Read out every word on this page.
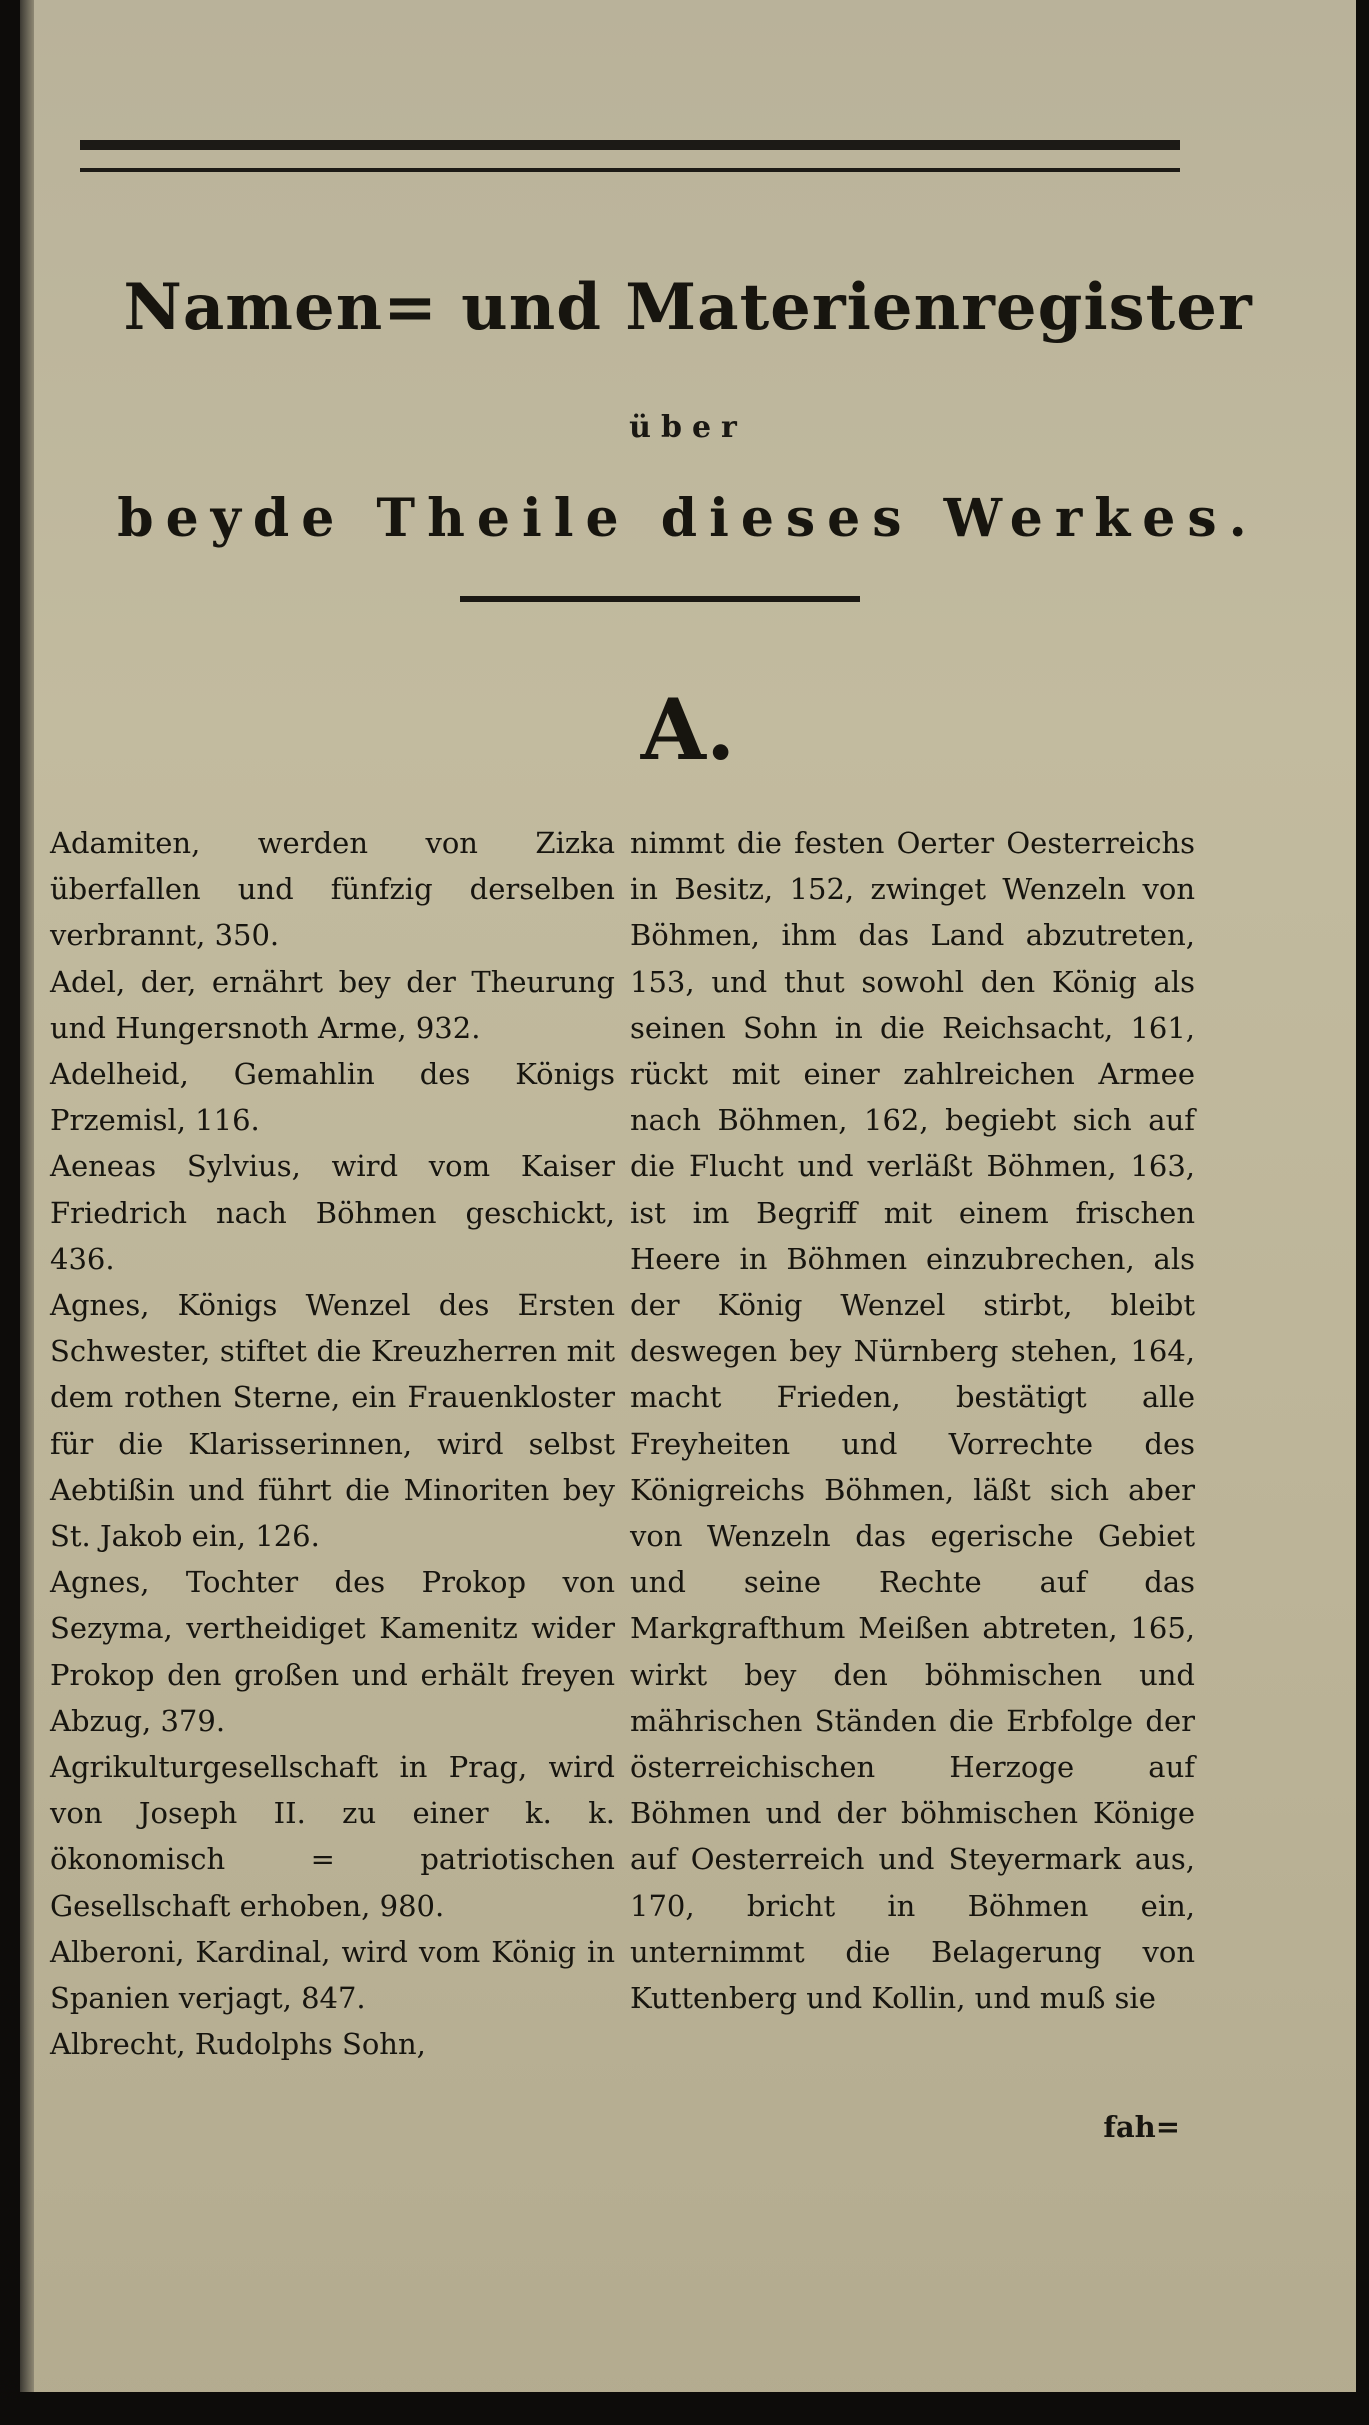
Namen= und Materienregister
über
beyde Theile dieses Werkes.
A.

Adamiten, werden von Zizka überfallen und fünfzig derselben verbrannt, 350.

Adel, der, ernährt bey der Theurung und Hungersnoth Arme, 932.

Adelheid, Gemahlin des Königs Przemisl, 116.

Aeneas Sylvius, wird vom Kaiser Friedrich nach Böhmen geschickt, 436.

Agnes, Königs Wenzel des Ersten Schwester, stiftet die Kreuzherren mit dem rothen Sterne, ein Frauenkloster für die Klarisserinnen, wird selbst Aebtißin und führt die Minoriten bey St. Jakob ein, 126.

Agnes, Tochter des Prokop von Sezyma, vertheidiget Kamenitz wider Prokop den großen und erhält freyen Abzug, 379.

Agrikulturgesellschaft in Prag, wird von Joseph II. zu einer k. k. ökonomisch = patriotischen Gesellschaft erhoben, 980.

Alberoni, Kardinal, wird vom König in Spanien verjagt, 847.

Albrecht, Rudolphs Sohn,

nimmt die festen Oerter Oesterreichs in Besitz, 152, zwinget Wenzeln von Böhmen, ihm das Land abzutreten, 153, und thut sowohl den König als seinen Sohn in die Reichsacht, 161, rückt mit einer zahlreichen Armee nach Böhmen, 162, begiebt sich auf die Flucht und verläßt Böhmen, 163, ist im Begriff mit einem frischen Heere in Böhmen einzubrechen, als der König Wenzel stirbt, bleibt deswegen bey Nürnberg stehen, 164, macht Frieden, bestätigt alle Freyheiten und Vorrechte des Königreichs Böhmen, läßt sich aber von Wenzeln das egerische Gebiet und seine Rechte auf das Markgrafthum Meißen abtreten, 165, wirkt bey den böhmischen und mährischen Ständen die Erbfolge der österreichischen Herzoge auf Böhmen und der böhmischen Könige auf Oesterreich und Steyermark aus, 170, bricht in Böhmen ein, unternimmt die Belagerung von Kuttenberg und Kollin, und muß sie

fah=
